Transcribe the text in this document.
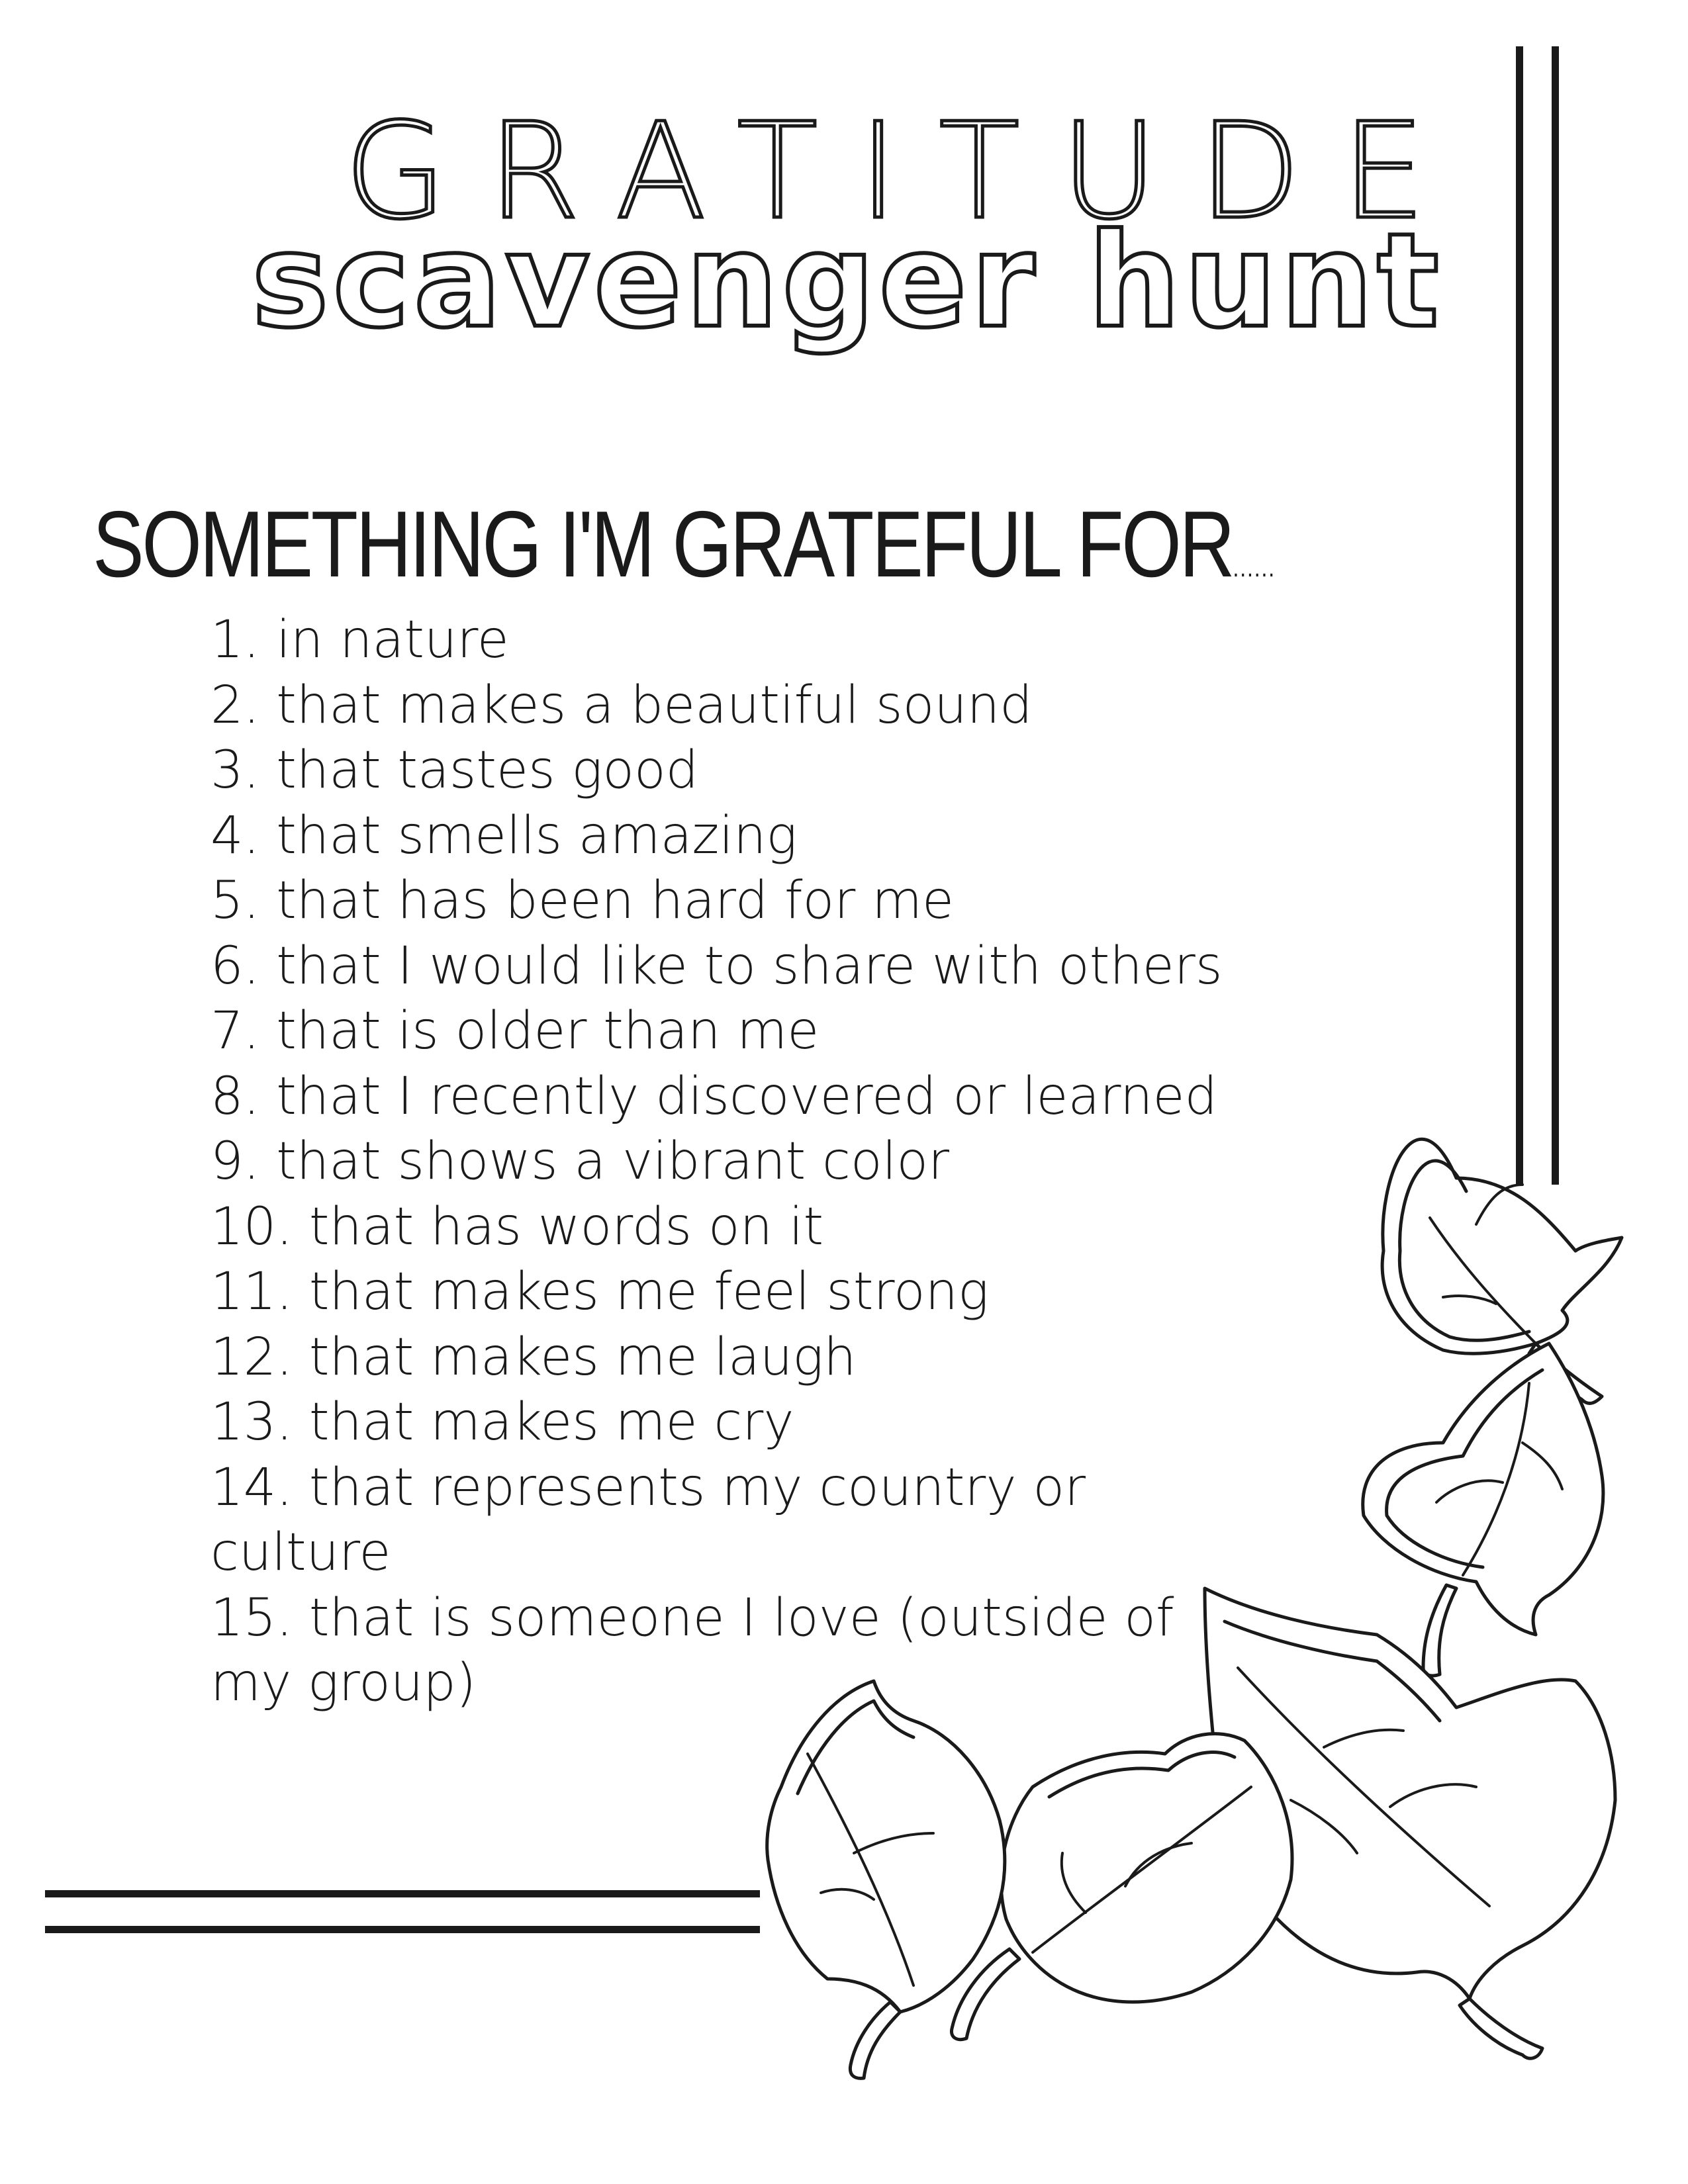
GRATITUDE
scavenger hunt
SOMETHING I'M GRATEFUL FOR......
1. in nature
2. that makes a beautiful sound
3. that tastes good
4. that smells amazing
5. that has been hard for me
6. that I would like to share with others
7. that is older than me
8. that I recently discovered or learned
9. that shows a vibrant color
10. that has words on it
11. that makes me feel strong
12. that makes me laugh
13. that makes me cry
14. that represents my country or culture
15. that is someone I love (outside of my group)
